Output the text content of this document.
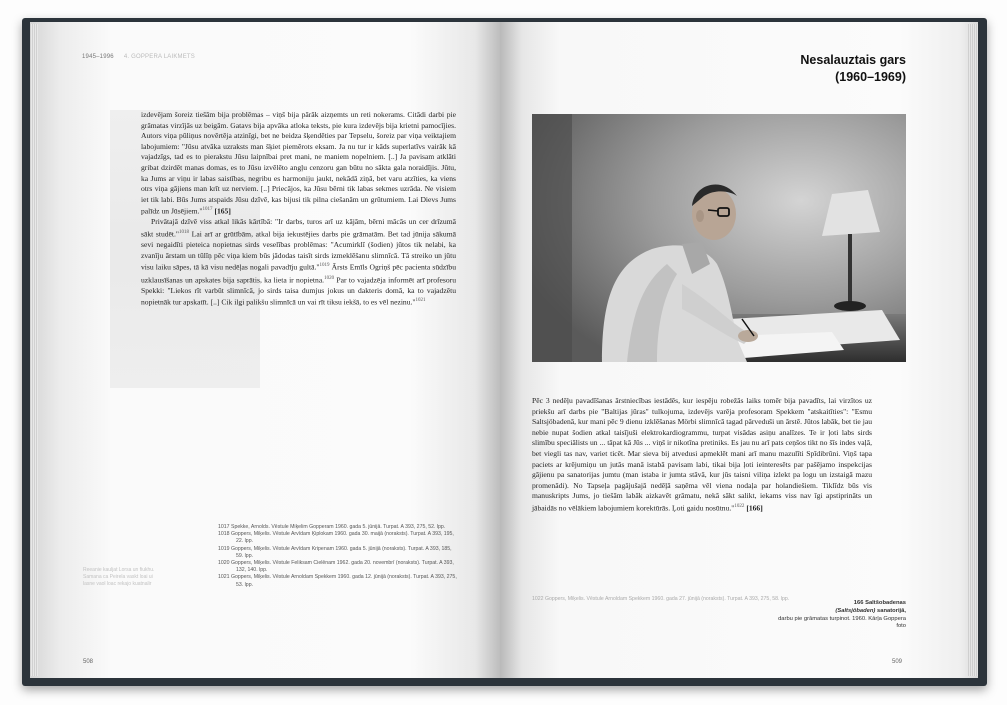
1945–1996 4. GOPPERA LAIKMETS

izdevējam šoreiz tiešām bija problēmas – viņš bija pārāk aizņemts un reti nokerams. Citādi darbi pie grāmatas virzījās uz beigām. Gatavs bija apvāka atloka teksts, pie kura izdevējs bija krietni pamocījies. Autors viņa pūliņus novērtēja atzinīgi, bet ne beidza šķendēties par Tepselu, šoreiz par viņa veiktajiem labojumiem: "Jūsu atvāka uzraksts man šķiet piemērots eksam. Ja nu tur ir kāds superlatīvs vairāk kā vajadzīgs, tad es to pierakstu Jūsu laipnībai pret mani, ne maniem nopelniem. [..] Ja pavisam atklāti gribat dzirdēt manas domas, es to Jūsu izvēlēto angļu cenzoru gan būtu no sākta gala noraidījis. Jūtu, ka Jums ar viņu ir labas saistības, negribu es harmoniju jaukt, nekādā ziņā, bet varu atzīties, ka viens otrs viņa gājiens man krīt uz nerviem. [..] Priecājos, ka Jūsu bērni tik labas sekmes uzrāda. Ne visiem iet tik labi. Būs Jums atspaids Jūsu dzīvē, kas bijusi tik pilna ciešanām un grūtumiem. Lai Dievs Jums palīdz un Jūsējiem."$^{1017}$ [165]

Privātajā dzīvē viss atkal likās kārtībā: "Ir darbs, turos arī uz kājām, bērni mācās un cer drīzumā sākt studēt."$^{1018}$ Lai arī ar grūtībām, atkal bija iekustējies darbs pie grāmatām. Bet tad jūnija sākumā sevi negaidīti pieteica nopietnas sirds veselības problēmas: "Acumirklī (šodien) jūtos tik nelabi, ka zvanīju ārstam un tūlīņ pēc viņa kiem būs jādodas taisīt sirds izmeklēšanu slimnīcā. Tā streiko un jūtu visu laiku sāpes, tā kā visu nedēļas nogali pavadīju gultā."$^{1019}$ Ārsts Emīls Ogriņš pēc pacienta sūdzību uzklausīšanas un apskates bija saprātis, ka lieta ir nopietna.$^{1020}$ Par to vajadzēja informēt arī profesoru Spekki: "Liekos rīt varbūt slimnīcā, jo sirds taisa dumjus jokus un dakteris domā, ka to vajadzētu nopietnāk tur apskatīt. [..] Cik ilgi palikšu slimnīcā un vai rīt tiksu iekšā, to es vēl nezinu."$^{1021}$

1017 Spekke, Arnolds. Vēstule Miķelim Gopperam 1960. gada 5. jūnijā. Turpat. A 393, 275, 52. lpp.
1018 Goppers, Miķelis. Vēstule Arvīdam Ķiplokam 1960. gada 30. maijā (noraksts). Turpat. A 393, 195, 22. lpp.
1019 Goppers, Miķelis. Vēstule Arvīdam Kripenam 1960. gada 5. jūnijā (noraksts). Turpat. A 393, 185, 59. lpp.
1020 Goppers, Miķelis. Vēstule Feliksam Cielēnam 1962. gada 20. novembrī (noraksts). Turpat. A 393, 132, 140. lpp.
1021 Goppers, Miķelis. Vēstule Arnoldam Spekkem 1960. gada 12. jūnijā (noraksts). Turpat. A 393, 275, 53. lpp.
Reeanie kauljat Lorsa un fiukhu. Samana ca Peirela vaskt loai ui lasne vaol loac rekajo kuatnalir
508
Nesalauztais gars
(1960–1969)

Pēc 3 nedēļu pavadīšanas ārstniecības iestādēs, kur iespēju robežās laiks tomēr bija pavadīts, lai virzītos uz priekšu arī darbs pie "Baltijas jūras" tulkojuma, izdevējs varēja profesoram Spekkem "atskaitīties": "Esmu Saltsjöbadenā, kur mani pēc 9 dienu izklēšanas Mörbi slimnīcā tagad pārveduši un ārstē. Jūtos labāk, bet tie jau nebie nupat šodien atkal taisījuši elektrokardiogrammu, turpat visādas asiņu analīzes. Te ir ļoti labs sirds slimību speciālists un ... tāpat kā Jūs ... viņš ir nikotīna pretiniks. Es jau nu arī pats ceņšos tikt no šīs indes vaļā, bet viegli tas nav, variet ticēt. Mar sieva bij atvedusi apmeklēt mani arī manu mazulīti Spīdibrūni. Viņš tapa paciets ar krējumiņu un jutās manā istabā pavisam labi, tikai bija ļoti ieinteresēts par pašējamo inspekcijas gājienu pa sanatorijas jumtu (man istaba ir jumta stāvā, kur jūs taisni viliņa izlekt pa logu un izstaigā mazu promenādi). No Tapseļa pagājušajā nedēļā saņēma vēl viena nodaļa par holandiešiem. Tiklīdz būs vis manuskripts Jums, jo tiešām labāk aizkavēt grāmatu, nekā sākt salikt, iekams viss nav īgi apstiprināts un jābaidās no vēlākiem labojumiem korektūrās. Ļoti gaidu nosūtnu."$^{1022}$ [166]

1022 Goppers, Miķelis. Vēstule Arnoldam Spekkem 1960. gada 27. jūnijā (noraksts). Turpat. A 393, 275, 58. lpp.
166 Saltšobadenas
(Saltsjöbaden) sanatorijā,
darbu pie grāmatas turpinot. 1960. Kārļa Goppera foto
509
